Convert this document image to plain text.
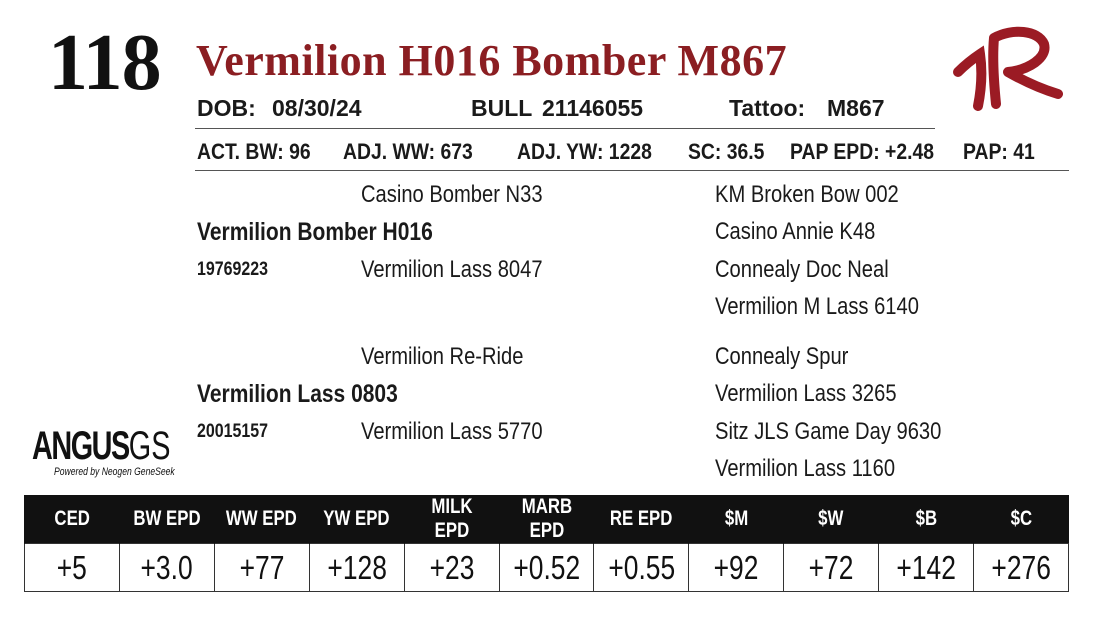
118 Vermilion H016 Bomber M867
DOB: 08/30/24	BULL 21146055	Tattoo: M867
ACT. BW: 96 ADJ. WW: 673 ADJ. YW: 1228 SC: 36.5 PAP EPD: +2.48 PAP: 41
Casino Bomber N33
Vermilion Bomber H016
19769223	Vermilion Lass 8047
KM Broken Bow 002
Casino Annie K48
Connealy Doc Neal
Vermilion M Lass 6140
Vermilion Re-Ride
Vermilion Lass 0803
20015157	Vermilion Lass 5770
Connealy Spur
Vermilion Lass 3265
Sitz JLS Game Day 9630
Vermilion Lass 1160
ANGUSGS
Powered by Neogen GeneSeek
CED	BW EPD	WW EPD	YW EPD	MILK EPD	MARB EPD	RE EPD	$M	$W	$B	$C
+5	+3.0	+77	+128	+23	+0.52	+0.55	+92	+72	+142	+276
